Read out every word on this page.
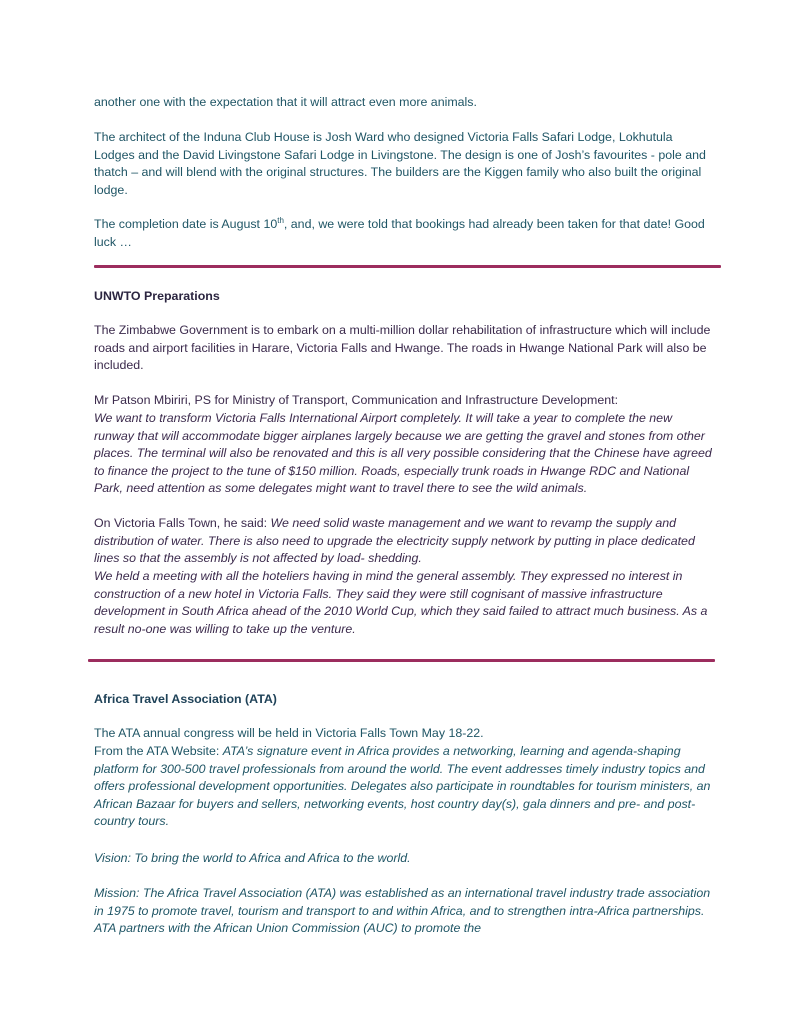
another one with the expectation that it will attract even more animals.

The architect of the Induna Club House is Josh Ward who designed Victoria Falls Safari Lodge, Lokhutula Lodges and the David Livingstone Safari Lodge in Livingstone. The design is one of Josh’s favourites - pole and thatch – and will blend with the original structures. The builders are the Kiggen family who also built the original lodge.

The completion date is August 10th, and, we were told that bookings had already been taken for that date! Good luck …

UNWTO Preparations

The Zimbabwe Government is to embark on a multi-million dollar rehabilitation of infrastructure which will include roads and airport facilities in Harare, Victoria Falls and Hwange. The roads in Hwange National Park will also be included.

Mr Patson Mbiriri, PS for Ministry of Transport, Communication and Infrastructure Development:

We want to transform Victoria Falls International Airport completely. It will take a year to complete the new runway that will accommodate bigger airplanes largely because we are getting the gravel and stones from other places. The terminal will also be renovated and this is all very possible considering that the Chinese have agreed to finance the project to the tune of $150 million. Roads, especially trunk roads in Hwange RDC and National Park, need attention as some delegates might want to travel there to see the wild animals.

On Victoria Falls Town, he said: We need solid waste management and we want to revamp the supply and distribution of water. There is also need to upgrade the electricity supply network by putting in place dedicated lines so that the assembly is not affected by load- shedding.

We held a meeting with all the hoteliers having in mind the general assembly. They expressed no interest in construction of a new hotel in Victoria Falls. They said they were still cognisant of massive infrastructure development in South Africa ahead of the 2010 World Cup, which they said failed to attract much business. As a result no-one was willing to take up the venture.

Africa Travel Association (ATA)

The ATA annual congress will be held in Victoria Falls Town May 18-22.

From the ATA Website: ATA’s signature event in Africa provides a networking, learning and agenda-shaping platform for 300-500 travel professionals from around the world. The event addresses timely industry topics and offers professional development opportunities. Delegates also participate in roundtables for tourism ministers, an African Bazaar for buyers and sellers, networking events, host country day(s), gala dinners and pre- and post- country tours.

Vision: To bring the world to Africa and Africa to the world.

Mission: The Africa Travel Association (ATA) was established as an international travel industry trade association in 1975 to promote travel, tourism and transport to and within Africa, and to strengthen intra-Africa partnerships. ATA partners with the African Union Commission (AUC) to promote the
